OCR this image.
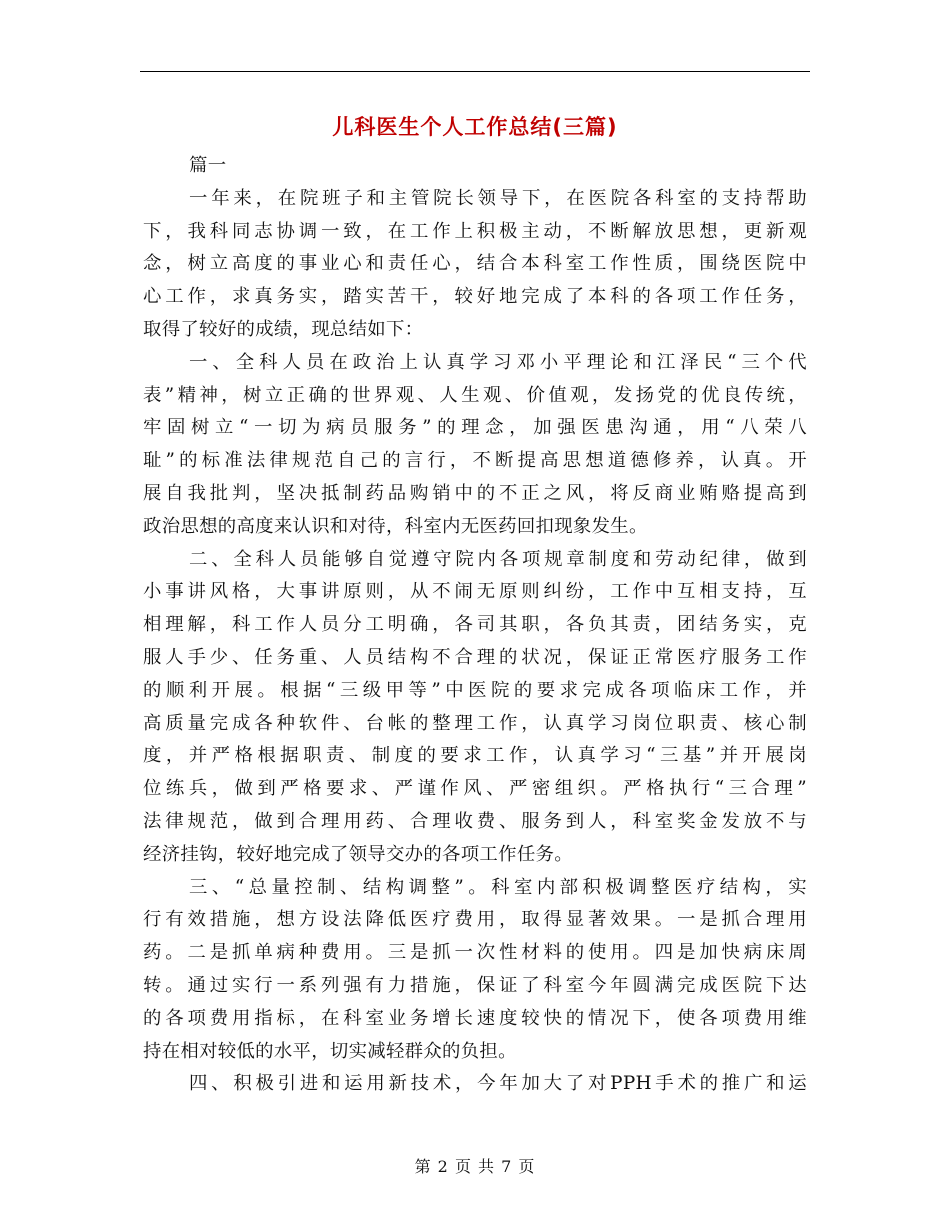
儿科医生个人工作总结(三篇)
篇一
一年来，在院班子和主管院长领导下，在医院各科室的支持帮助
下，我科同志协调一致，在工作上积极主动，不断解放思想，更新观
念，树立高度的事业心和责任心，结合本科室工作性质，围绕医院中
心工作，求真务实，踏实苦干，较好地完成了本科的各项工作任务，
取得了较好的成绩，现总结如下：
一、全科人员在政治上认真学习邓小平理论和江泽民“三个代
表”精神，树立正确的世界观、人生观、价值观，发扬党的优良传统，
牢固树立“一切为病员服务”的理念，加强医患沟通，用“八荣八
耻”的标准法律规范自己的言行，不断提高思想道德修养，认真。开
展自我批判，坚决抵制药品购销中的不正之风，将反商业贿赂提高到
政治思想的高度来认识和对待，科室内无医药回扣现象发生。
二、全科人员能够自觉遵守院内各项规章制度和劳动纪律，做到
小事讲风格，大事讲原则，从不闹无原则纠纷，工作中互相支持，互
相理解，科工作人员分工明确，各司其职，各负其责，团结务实，克
服人手少、任务重、人员结构不合理的状况，保证正常医疗服务工作
的顺利开展。根据“三级甲等”中医院的要求完成各项临床工作，并
高质量完成各种软件、台帐的整理工作，认真学习岗位职责、核心制
度，并严格根据职责、制度的要求工作，认真学习“三基”并开展岗
位练兵，做到严格要求、严谨作风、严密组织。严格执行“三合理”
法律规范，做到合理用药、合理收费、服务到人，科室奖金发放不与
经济挂钩，较好地完成了领导交办的各项工作任务。
三、“总量控制、结构调整”。科室内部积极调整医疗结构，实
行有效措施，想方设法降低医疗费用，取得显著效果。一是抓合理用
药。二是抓单病种费用。三是抓一次性材料的使用。四是加快病床周
转。通过实行一系列强有力措施，保证了科室今年圆满完成医院下达
的各项费用指标，在科室业务增长速度较快的情况下，使各项费用维
持在相对较低的水平，切实减轻群众的负担。
四、积极引进和运用新技术，今年加大了对PPH手术的推广和运
第 2 页 共 7 页
